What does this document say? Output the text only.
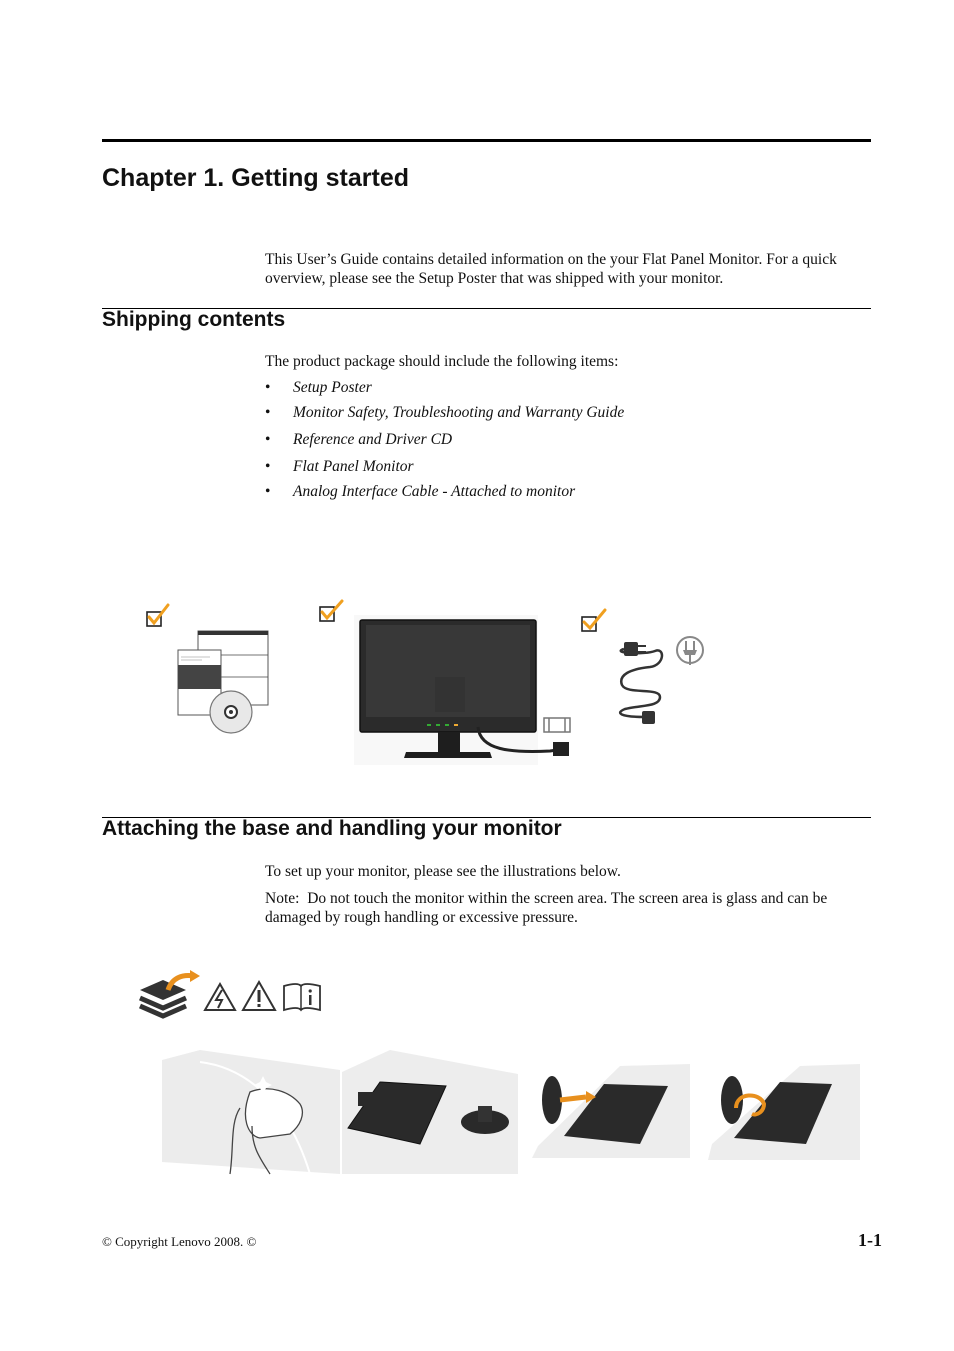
Chapter 1. Getting started
This User’s Guide contains detailed information on the your Flat Panel Monitor. For a quick overview, please see the Setup Poster that was shipped with your monitor.
Shipping contents
The product package should include the following items:
• Setup Poster
• Monitor Safety, Troubleshooting and Warranty Guide
• Reference and Driver CD
• Flat Panel Monitor
• Analog Interface Cable - Attached to monitor
Attaching the base and handling your monitor
To set up your monitor, please see the illustrations below.
Note: Do not touch the monitor within the screen area. The screen area is glass and can be damaged by rough handling or excessive pressure.
© Copyright Lenovo 2008. ©	1-1
